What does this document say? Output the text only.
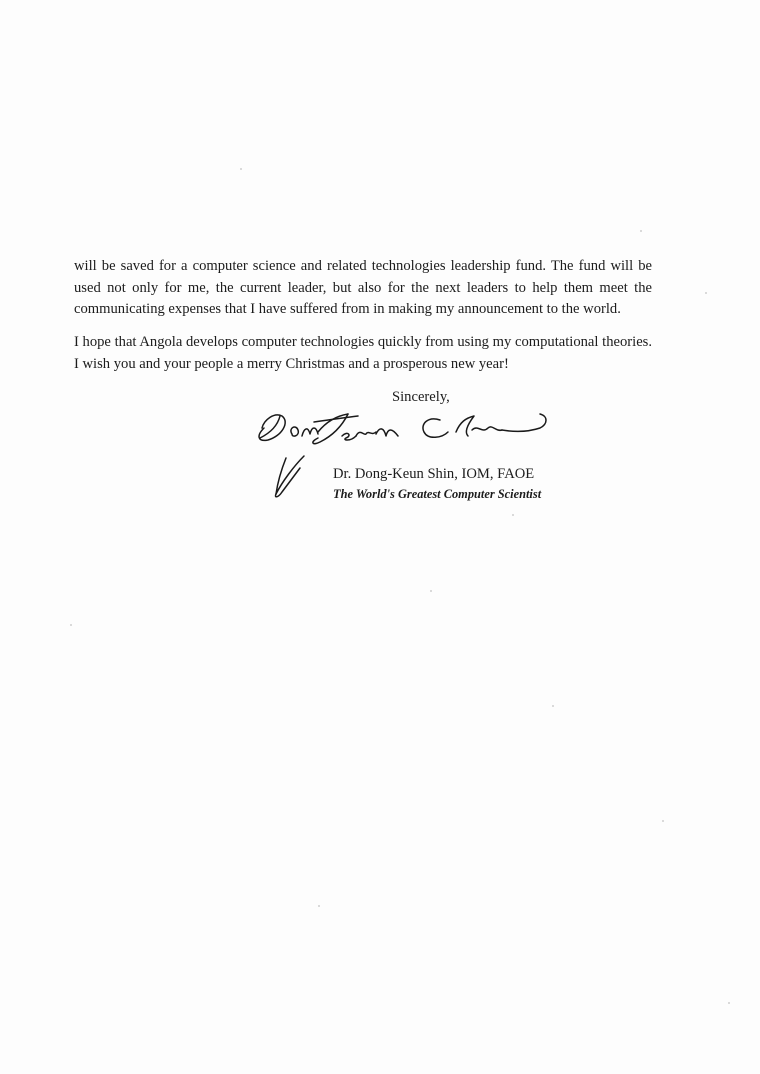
will be saved for a computer science and related technologies leadership fund. The fund will be used not only for me, the current leader, but also for the next leaders to help them meet the communicating expenses that I have suffered from in making my announcement to the world.

I hope that Angola develops computer technologies quickly from using my computational theories. I wish you and your people a merry Christmas and a prosperous new year!

Sincerely,

Dr. Dong-Keun Shin, IOM, FAOE

The World's Greatest Computer Scientist
